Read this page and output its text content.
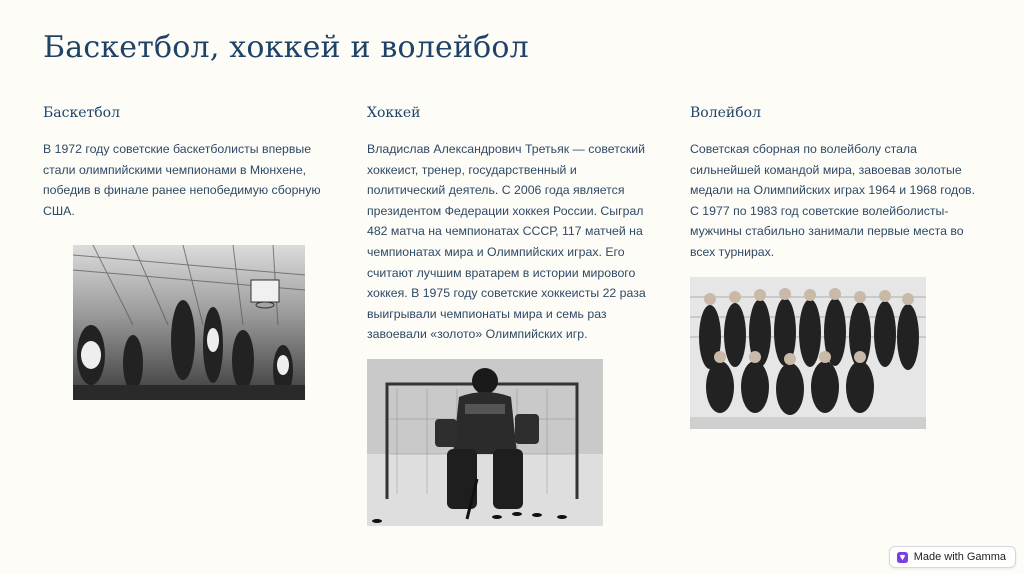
Баскетбол, хоккей и волейбол
Баскетбол

В 1972 году советские баскетболисты впервые стали олимпийскими чемпионами в Мюнхене, победив в финале ранее непобедимую сборную США.

Хоккей

Владислав Александрович Третьяк — советский хоккеист, тренер, государственный и политический деятель. С 2006 года является президентом Федерации хоккея России. Сыграл 482 матча на чемпионатах СССР, 117 матчей на чемпионатах мира и Олимпийских играх. Его считают лучшим вратарем в истории мирового хоккея. В 1975 году советские хоккеисты 22 раза выигрывали чемпионаты мира и семь раз завоевали «золото» Олимпийских игр.

Волейбол

Советская сборная по волейболу стала сильнейшей командой мира, завоевав золотые медали на Олимпийских играх 1964 и 1968 годов. С 1977 по 1983 год советские волейболисты-мужчины стабильно занимали первые места во всех турнирах.

Made with Gamma
